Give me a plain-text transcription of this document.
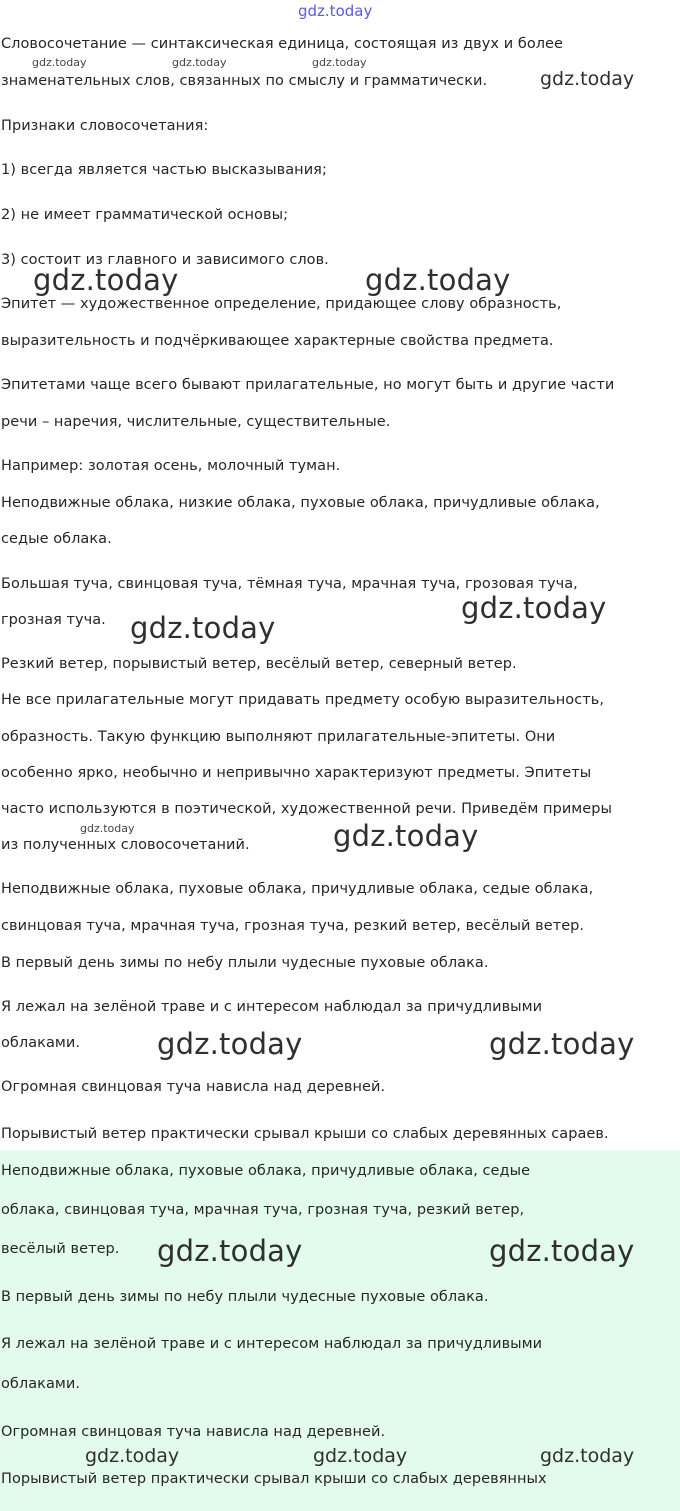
gdz.today
Словосочетание — синтаксическая единица, состоящая из двух и более
знаменательных слов, связанных по смыслу и грамматически.
Признаки словосочетания:
1) всегда является частью высказывания;
2) не имеет грамматической основы;
3) состоит из главного и зависимого слов.
Эпитет — художественное определение, придающее слову образность,
выразительность и подчёркивающее характерные свойства предмета.
Эпитетами чаще всего бывают прилагательные, но могут быть и другие части
речи – наречия, числительные, существительные.
Например: золотая осень, молочный туман.
Неподвижные облака, низкие облака, пуховые облака, причудливые облака,
седые облака.
Большая туча, свинцовая туча, тёмная туча, мрачная туча, грозовая туча,
грозная туча.
Резкий ветер, порывистый ветер, весёлый ветер, северный ветер.
Не все прилагательные могут придавать предмету особую выразительность,
образность. Такую функцию выполняют прилагательные-эпитеты. Они
особенно ярко, необычно и непривычно характеризуют предметы. Эпитеты
часто используются в поэтической, художественной речи. Приведём примеры
из полученных словосочетаний.
Неподвижные облака, пуховые облака, причудливые облака, седые облака,
свинцовая туча, мрачная туча, грозная туча, резкий ветер, весёлый ветер.
В первый день зимы по небу плыли чудесные пуховые облака.
Я лежал на зелёной траве и с интересом наблюдал за причудливыми
облаками.
Огромная свинцовая туча нависла над деревней.
Порывистый ветер практически срывал крыши со слабых деревянных сараев.
Неподвижные облака, пуховые облака, причудливые облака, седые
облака, свинцовая туча, мрачная туча, грозная туча, резкий ветер,
весёлый ветер.
В первый день зимы по небу плыли чудесные пуховые облака.
Я лежал на зелёной траве и с интересом наблюдал за причудливыми
облаками.
Огромная свинцовая туча нависла над деревней.
Порывистый ветер практически срывал крыши со слабых деревянных
gdz.today	gdz.today	gdz.today
gdz.today
gdz.today	gdz.today
gdz.today
gdz.today
gdz.today	gdz.today
gdz.today	gdz.today
gdz.today	gdz.today
gdz.today	gdz.today	gdz.today
